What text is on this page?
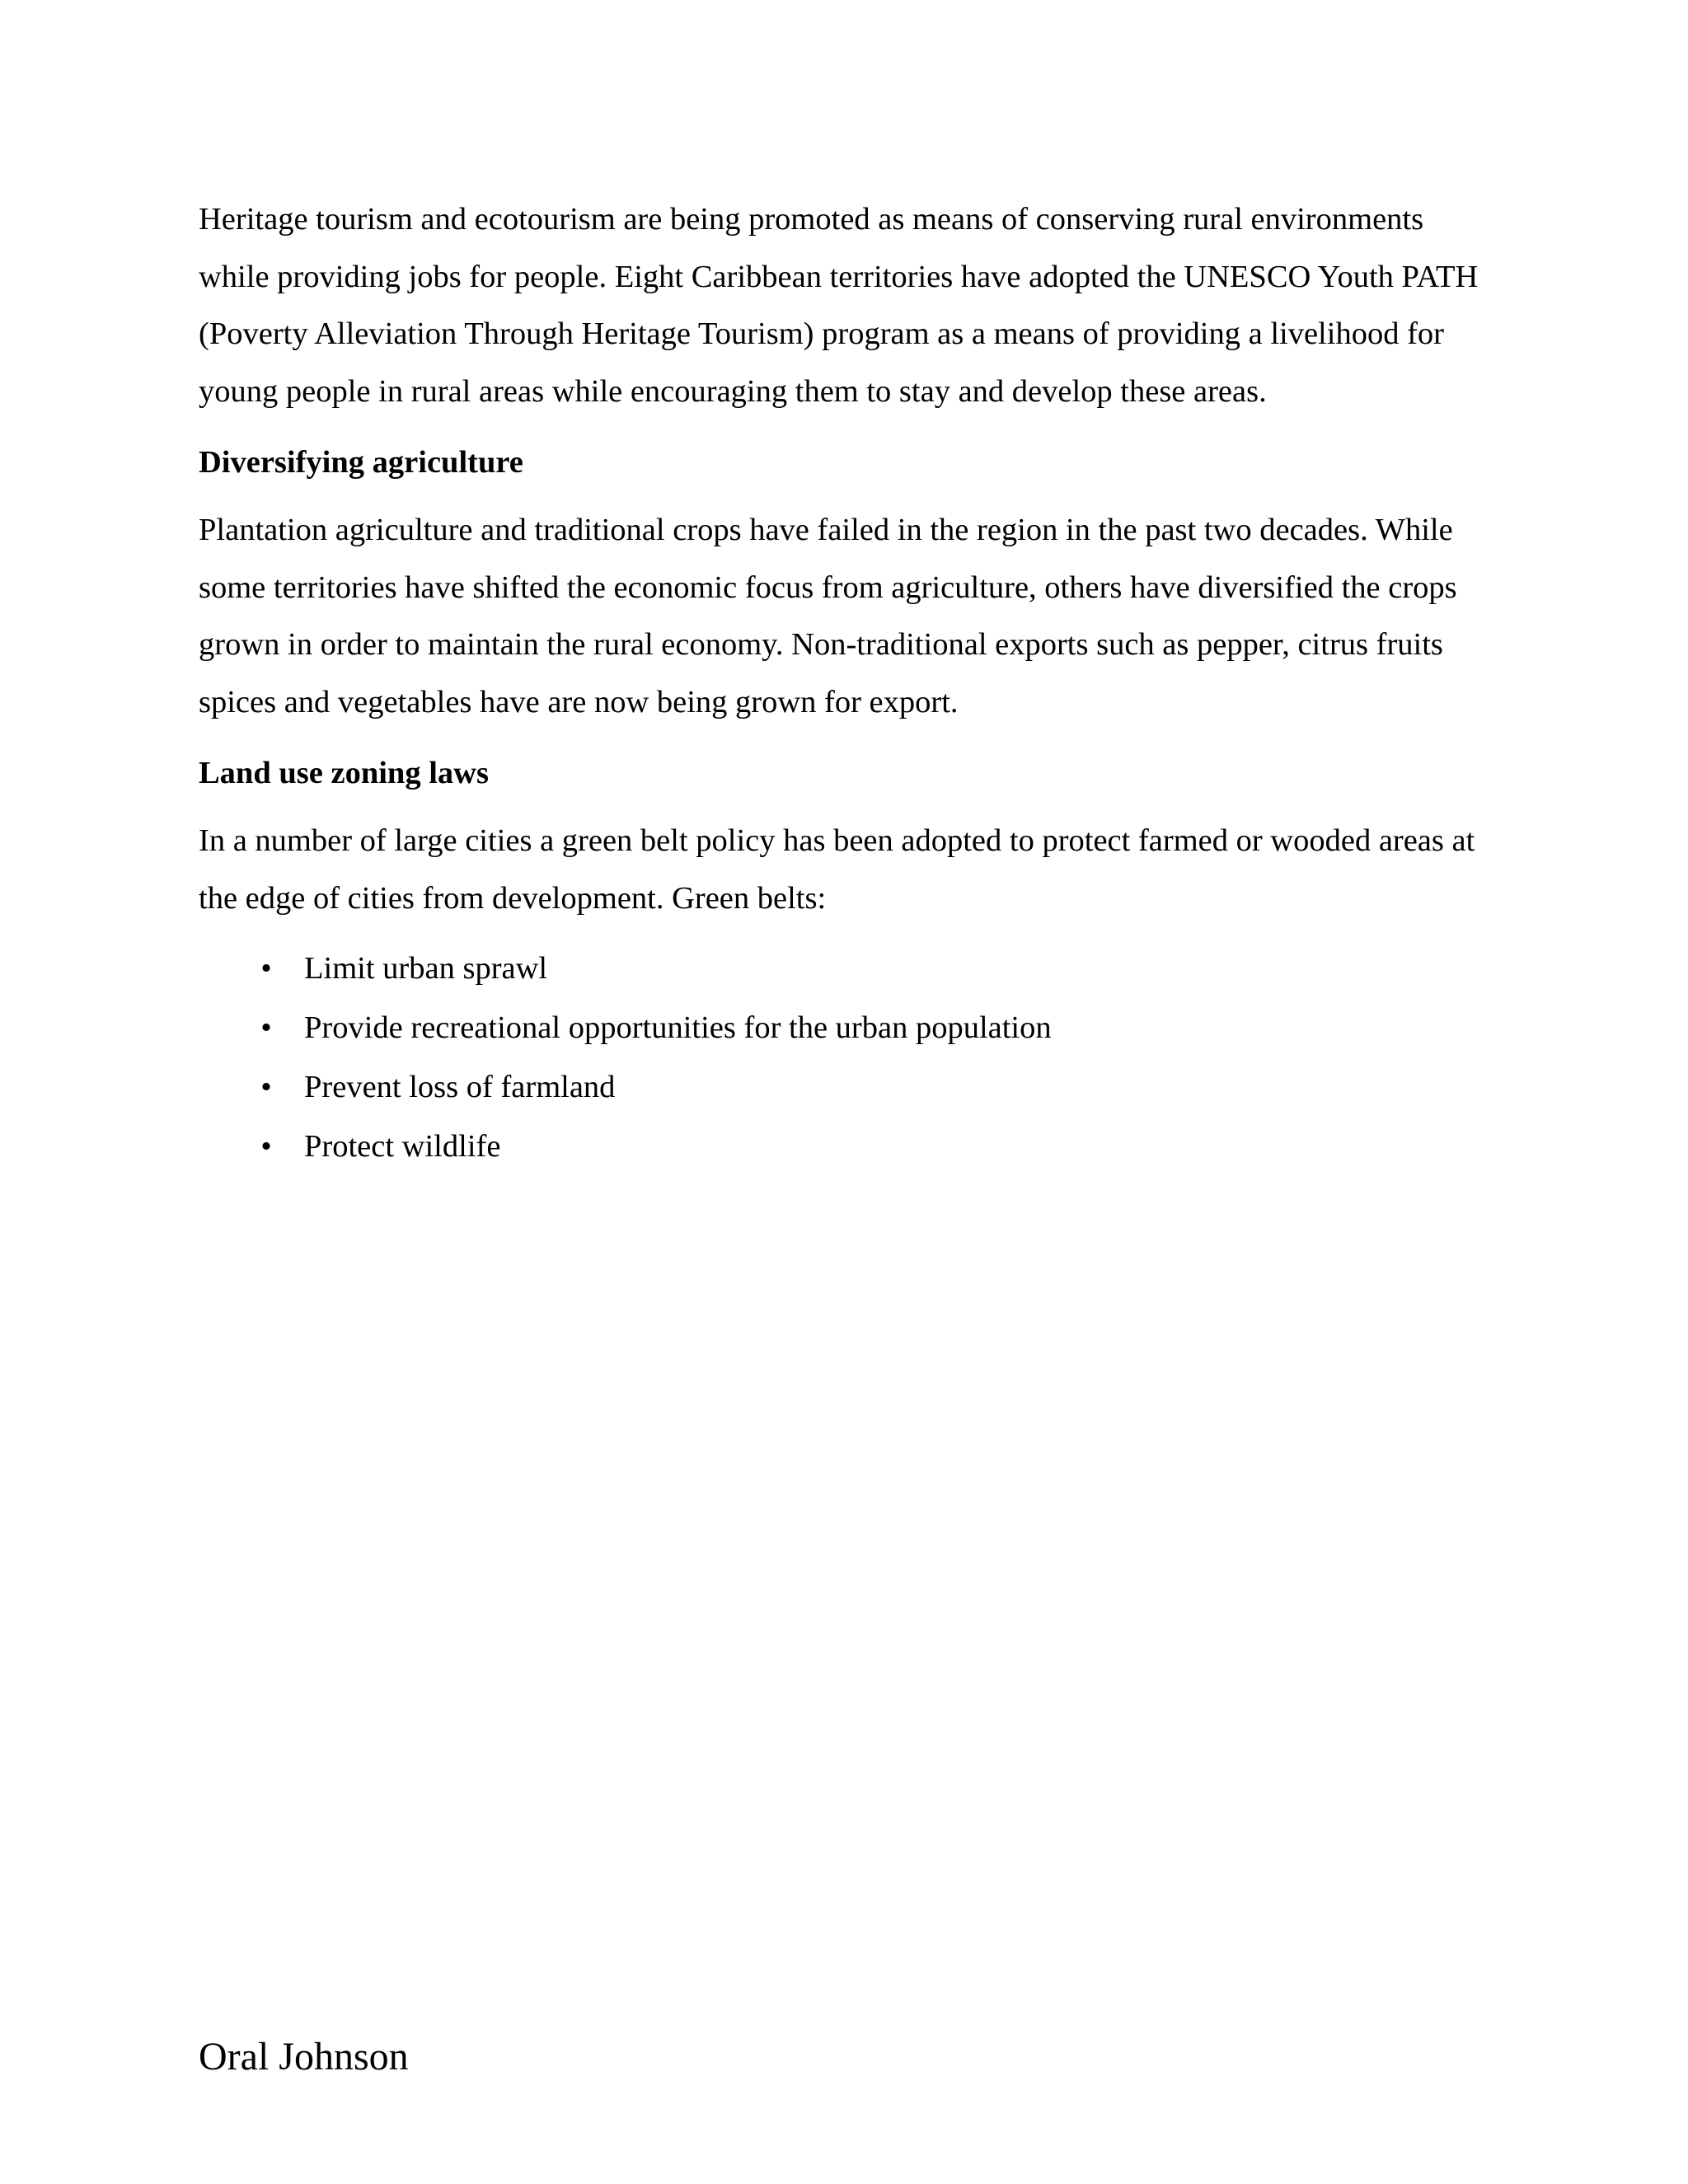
Heritage tourism and ecotourism are being promoted as means of conserving rural environments while providing jobs for people. Eight Caribbean territories have adopted the UNESCO Youth PATH (Poverty Alleviation Through Heritage Tourism) program as a means of providing a livelihood for young people in rural areas while encouraging them to stay and develop these areas.

Diversifying agriculture

Plantation agriculture and traditional crops have failed in the region in the past two decades. While some territories have shifted the economic focus from agriculture, others have diversified the crops grown in order to maintain the rural economy. Non-traditional exports such as pepper, citrus fruits spices and vegetables have are now being grown for export.

Land use zoning laws

In a number of large cities a green belt policy has been adopted to protect farmed or wooded areas at the edge of cities from development. Green belts:

• Limit urban sprawl
• Provide recreational opportunities for the urban population
• Prevent loss of farmland
• Protect wildlife

Oral Johnson
